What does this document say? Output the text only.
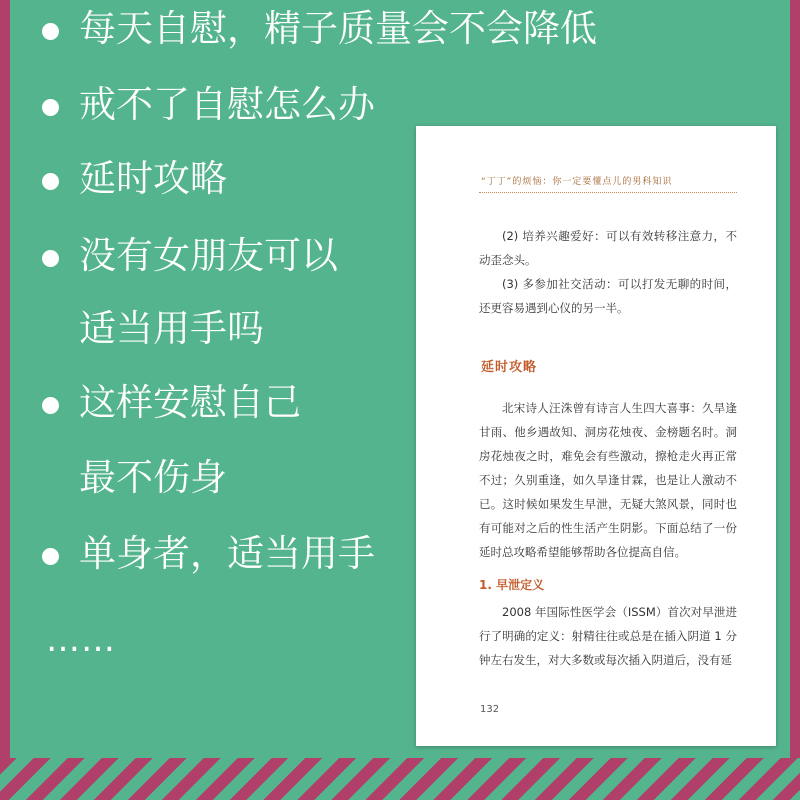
每天自慰，精子质量会不会降低
戒不了自慰怎么办
延时攻略
没有女朋友可以
适当用手吗
这样安慰自己
最不伤身
单身者，适当用手
……
“丁丁”的烦恼：你一定要懂点儿的男科知识

(2) 培养兴趣爱好：可以有效转移注意力，不动歪念头。

(3) 多参加社交活动：可以打发无聊的时间，还更容易遇到心仪的另一半。

延时攻略

北宋诗人汪洙曾有诗言人生四大喜事：久旱逢甘雨、他乡遇故知、洞房花烛夜、金榜题名时。洞房花烛夜之时，难免会有些激动，擦枪走火再正常不过；久别重逢，如久旱逢甘霖，也是让人激动不已。这时候如果发生早泄，无疑大煞风景，同时也有可能对之后的性生活产生阴影。下面总结了一份延时总攻略希望能够帮助各位提高自信。

1. 早泄定义

2008 年国际性医学会（ISSM）首次对早泄进行了明确的定义：射精往往或总是在插入阴道 1 分钟左右发生，对大多数或每次插入阴道后，没有延

132
